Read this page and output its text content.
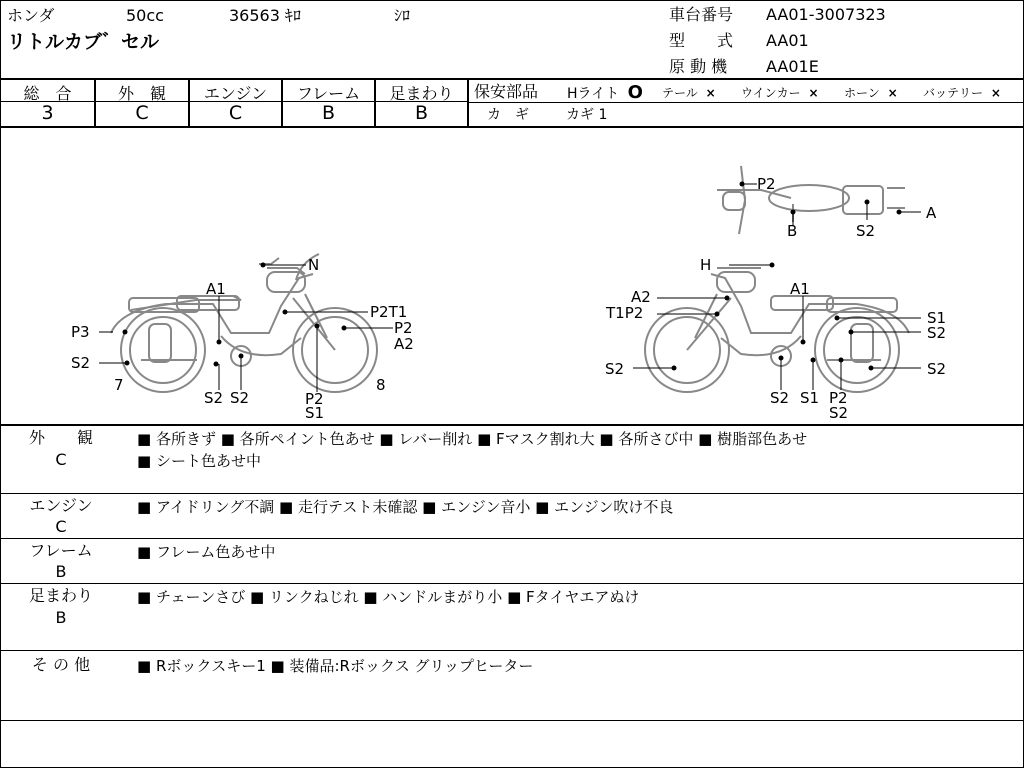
ホンダ	50cc	36563 ｷﾛ	ｼﾛ
リトルカブ゛セル
車台番号 AA01-3007323
型　　式 AA01
原 動 機 AA01E
総　合	外　観	エンジン	フレーム	足まわり
3	C	C	B	B
保安部品 Hライト O テール × ウインカー × ホーン × バッテリー ×
カ　ギ	カギ 1
N
A1
P3
P2T1
P2
A2
S2
7
S2 S2
8
P2
S1
H
A1
A2
T1P2	S1
S2
S2	S2
S2 S1 P2
S2
P2
B	S2
A
外　　観
C
■ 各所きず ■ 各所ペイント色あせ ■ レバー削れ ■ Fマスク割れ大 ■ 各所さび中 ■ 樹脂部色あせ
■ シート色あせ中
エンジン
C
■ アイドリング不調 ■ 走行テスト未確認 ■ エンジン音小 ■ エンジン吹け不良
フレーム
B
■ フレーム色あせ中
足まわり
B
■ チェーンさび ■ リンクねじれ ■ ハンドルまがり小 ■ Fタイヤエアぬけ
そ の 他	■ Rボックスキー1 ■ 装備品:Rボックス グリップヒーター
